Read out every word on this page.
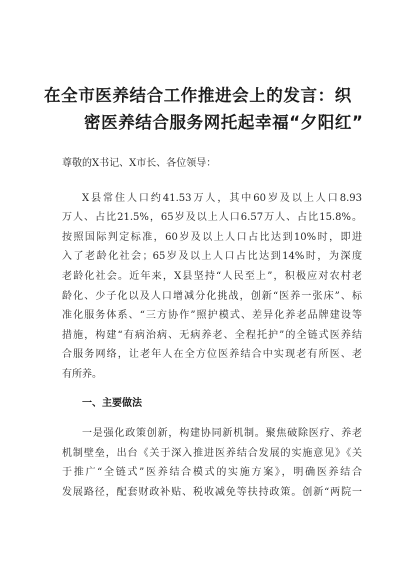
在全市医养结合工作推进会上的发言：织
密医养结合服务网托起幸福“夕阳红”

尊敬的X书记、X市长、各位领导：

X县常住人口约41.53万人，其中60岁及以上人口8.93
万人、占比21.5%，65岁及以上人口6.57万人、占比15.8%。
按照国际判定标准，60岁及以上人口占比达到10%时，即进
入了老龄化社会；65岁及以上人口占比达到14%时，为深度
老龄化社会。近年来，X县坚持“人民至上”，积极应对农村老
龄化、少子化以及人口增减分化挑战，创新“医养一张床”、标
准化服务体系、“三方协作”照护模式、差异化养老品牌建设等
措施，构建“有病治病、无病养老、全程托护”的全链式医养结
合服务网络，让老年人在全方位医养结合中实现老有所医、老
有所养。

一、主要做法

一是强化政策创新，构建协同新机制。聚焦破除医疗、养老
机制壁垒，出台《关于深入推进医养结合发展的实施意见》《关
于推广“全链式”医养结合模式的实施方案》，明确医养结合
发展路径，配套财政补贴、税收减免等扶持政策。创新“两院一
